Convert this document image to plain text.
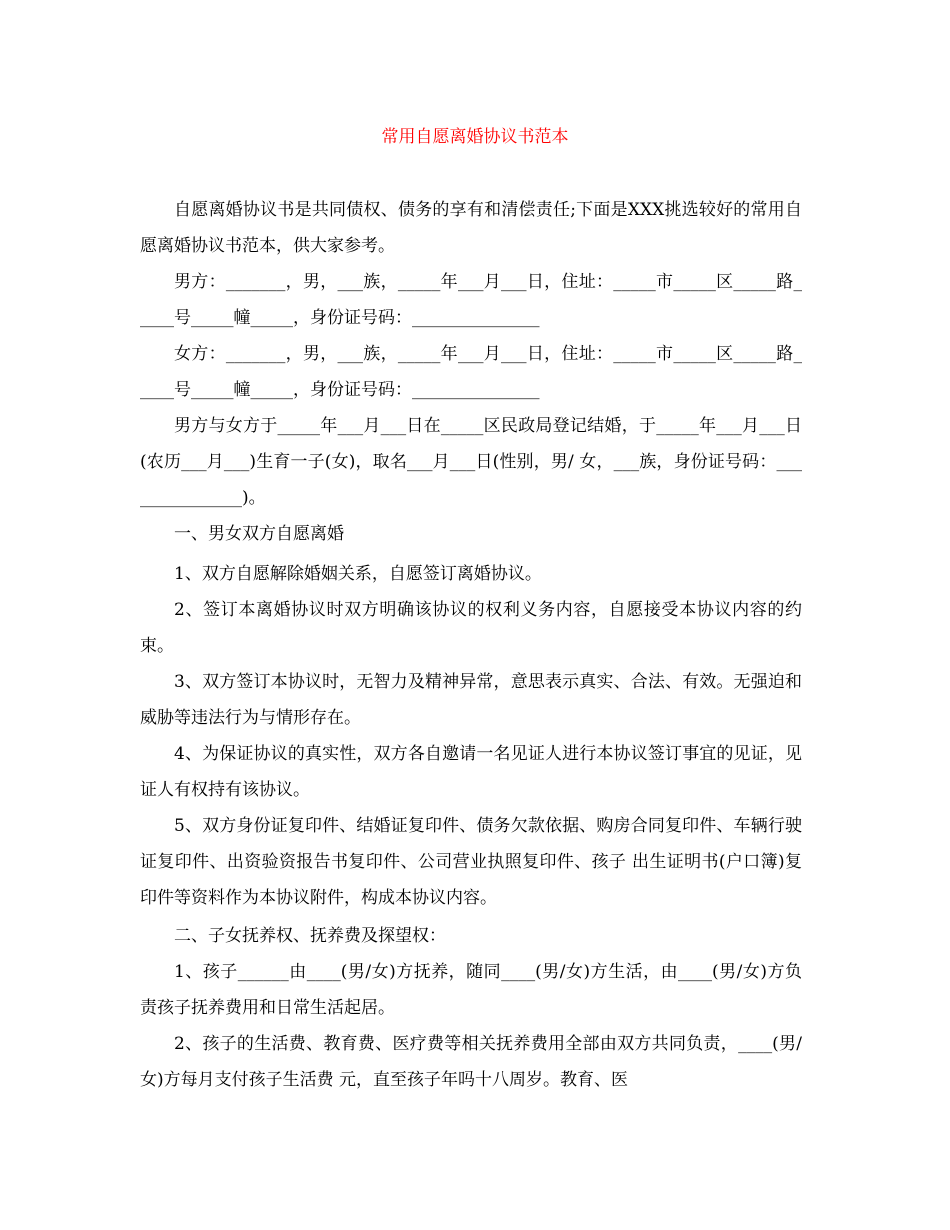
常用自愿离婚协议书范本
自愿离婚协议书是共同债权、债务的享有和清偿责任;下面是XXX挑选较好的常用自愿离婚协议书范本，供大家参考。
男方：_______，男，___族，_____年___月___日，住址：_____市_____区_____路_____号_____幢_____，身份证号码：_______________
女方：_______，男，___族，_____年___月___日，住址：_____市_____区_____路_____号_____幢_____，身份证号码：_______________
男方与女方于_____年___月___日在_____区民政局登记结婚，于_____年___月___日(农历___月___)生育一子(女)，取名___月___日(性别，男/ 女，___族，身份证号码：_______________)。
一、男女双方自愿离婚
1、双方自愿解除婚姻关系，自愿签订离婚协议。
2、签订本离婚协议时双方明确该协议的权利义务内容，自愿接受本协议内容的约束。
3、双方签订本协议时，无智力及精神异常，意思表示真实、合法、有效。无强迫和威胁等违法行为与情形存在。
4、为保证协议的真实性，双方各自邀请一名见证人进行本协议签订事宜的见证，见证人有权持有该协议。
5、双方身份证复印件、结婚证复印件、债务欠款依据、购房合同复印件、车辆行驶证复印件、出资验资报告书复印件、公司营业执照复印件、孩子 出生证明书(户口簿)复印件等资料作为本协议附件，构成本协议内容。
二、子女抚养权、抚养费及探望权：
1、孩子______由____(男/女)方抚养，随同____(男/女)方生活，由____(男/女)方负责孩子抚养费用和日常生活起居。
2、孩子的生活费、教育费、医疗费等相关抚养费用全部由双方共同负责，____(男/女)方每月支付孩子生活费 元，直至孩子年吗十八周岁。教育、医
